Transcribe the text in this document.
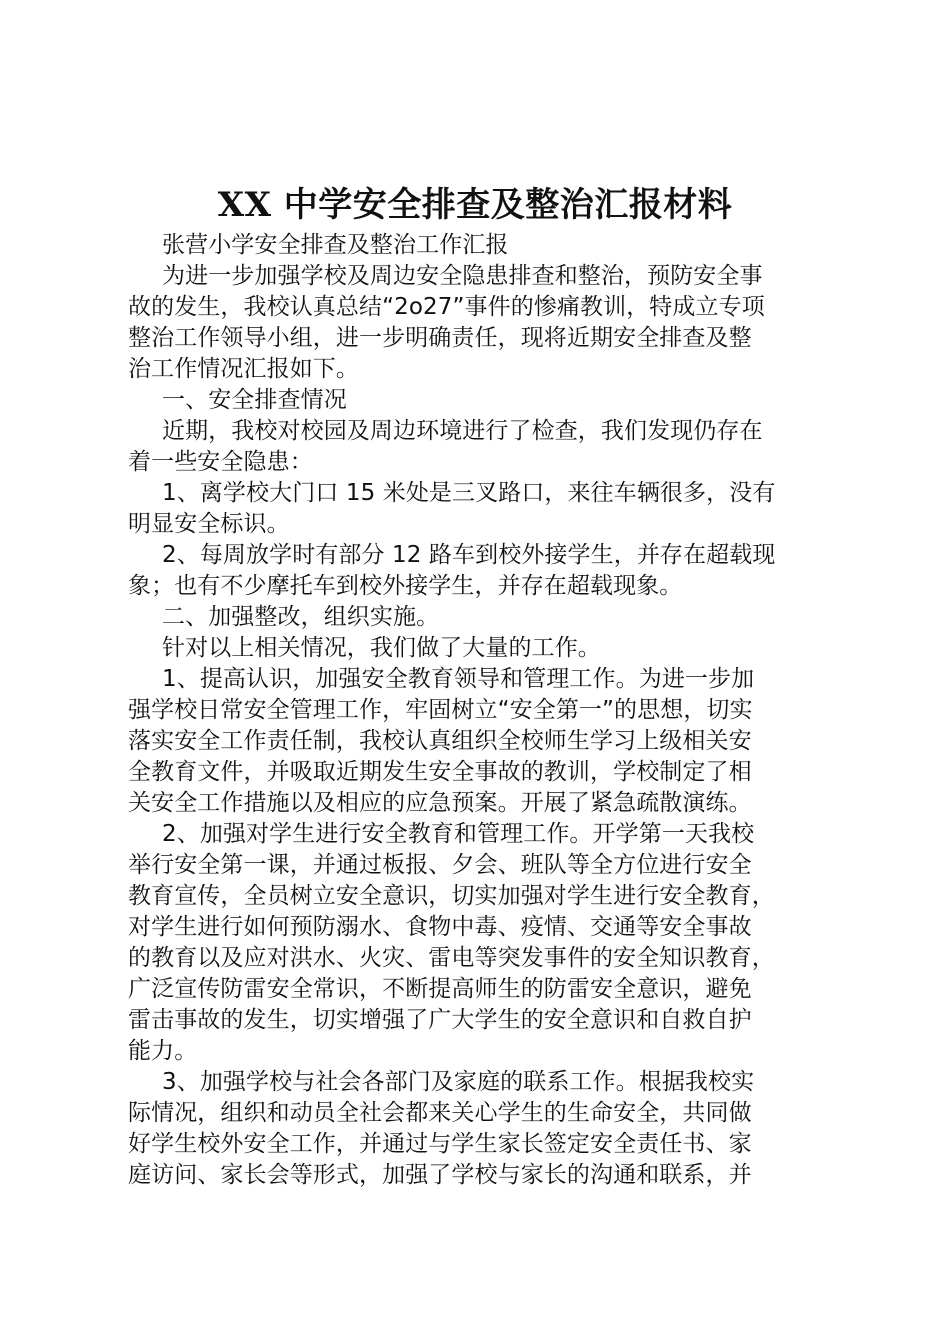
XX 中学安全排查及整治汇报材料
张营小学安全排查及整治工作汇报
为进一步加强学校及周边安全隐患排查和整治，预防安全事
故的发生，我校认真总结“2o27”事件的惨痛教训，特成立专项
整治工作领导小组，进一步明确责任，现将近期安全排查及整
治工作情况汇报如下。
一、安全排查情况
近期，我校对校园及周边环境进行了检查，我们发现仍存在
着一些安全隐患：
1、离学校大门口 15 米处是三叉路口，来往车辆很多，没有
明显安全标识。
2、每周放学时有部分 12 路车到校外接学生，并存在超载现
象；也有不少摩托车到校外接学生，并存在超载现象。
二、加强整改，组织实施。
针对以上相关情况，我们做了大量的工作。
1、提高认识，加强安全教育领导和管理工作。为进一步加
强学校日常安全管理工作，牢固树立“安全第一”的思想，切实
落实安全工作责任制，我校认真组织全校师生学习上级相关安
全教育文件，并吸取近期发生安全事故的教训，学校制定了相
关安全工作措施以及相应的应急预案。开展了紧急疏散演练。
2、加强对学生进行安全教育和管理工作。开学第一天我校
举行安全第一课，并通过板报、夕会、班队等全方位进行安全
教育宣传，全员树立安全意识，切实加强对学生进行安全教育，
对学生进行如何预防溺水、食物中毒、疫情、交通等安全事故
的教育以及应对洪水、火灾、雷电等突发事件的安全知识教育，
广泛宣传防雷安全常识，不断提高师生的防雷安全意识，避免
雷击事故的发生，切实增强了广大学生的安全意识和自救自护
能力。
3、加强学校与社会各部门及家庭的联系工作。根据我校实
际情况，组织和动员全社会都来关心学生的生命安全，共同做
好学生校外安全工作，并通过与学生家长签定安全责任书、家
庭访问、家长会等形式，加强了学校与家长的沟通和联系，并
